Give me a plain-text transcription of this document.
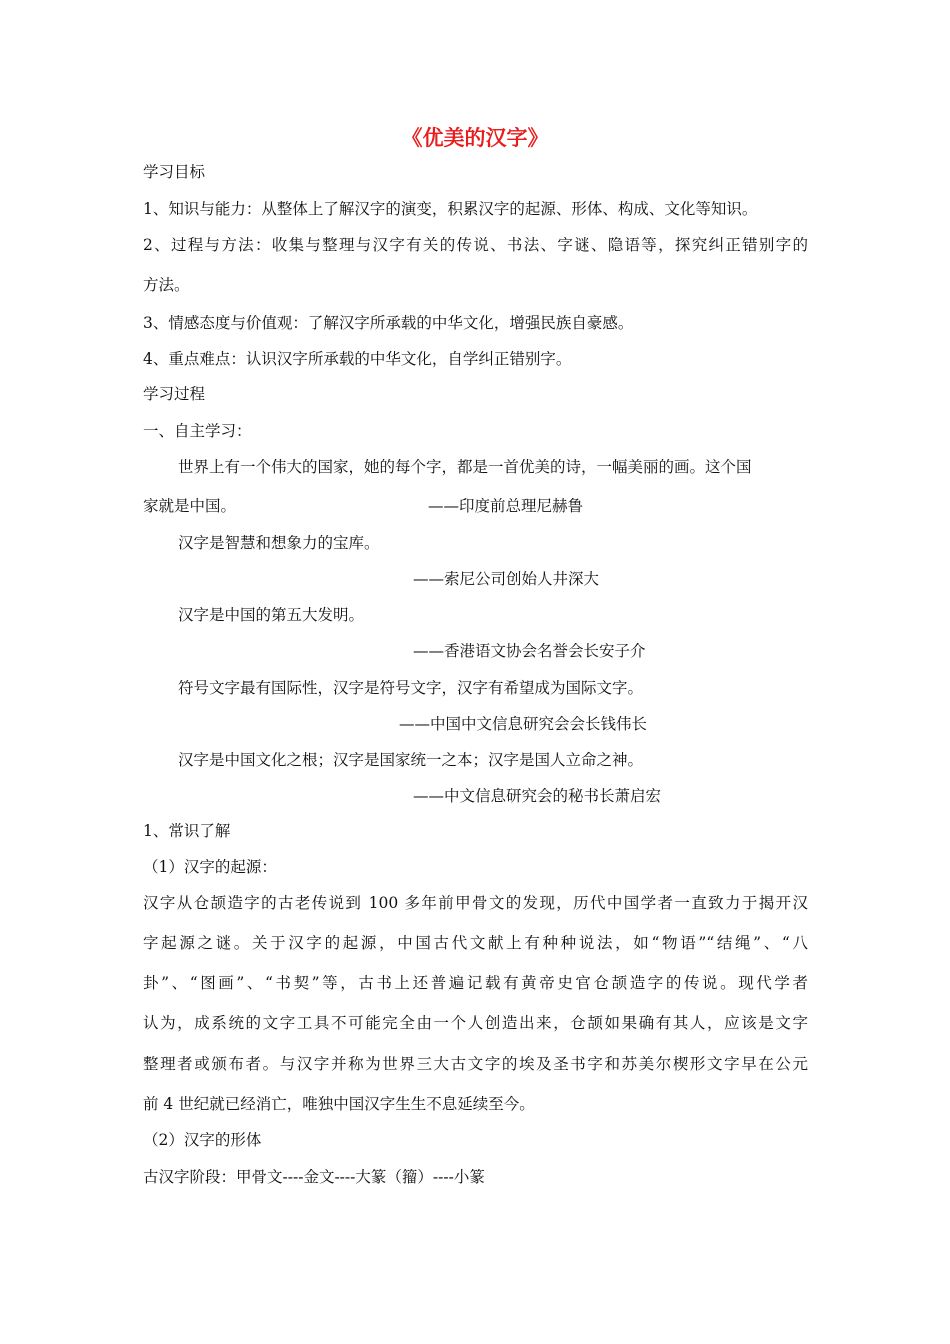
《优美的汉字》
学习目标
1、知识与能力：从整体上了解汉字的演变，积累汉字的起源、形体、构成、文化等知识。
2、过程与方法：收集与整理与汉字有关的传说、书法、字谜、隐语等，探究纠正错别字的
方法。
3、情感态度与价值观：了解汉字所承载的中华文化，增强民族自豪感。
4、重点难点：认识汉字所承载的中华文化，自学纠正错别字。
学习过程
一、自主学习：
世界上有一个伟大的国家，她的每个字，都是一首优美的诗，一幅美丽的画。这个国
家就是中国。	——印度前总理尼赫鲁
汉字是智慧和想象力的宝库。
——索尼公司创始人井深大
汉字是中国的第五大发明。
——香港语文协会名誉会长安子介
符号文字最有国际性，汉字是符号文字，汉字有希望成为国际文字。
——中国中文信息研究会会长钱伟长
汉字是中国文化之根；汉字是国家统一之本；汉字是国人立命之神。
——中文信息研究会的秘书长萧启宏
1、常识了解
（1）汉字的起源：
汉字从仓颉造字的古老传说到 100 多年前甲骨文的发现，历代中国学者一直致力于揭开汉
字起源之谜。关于汉字的起源，中国古代文献上有种种说法，如“物语”“结绳”、“八
卦”、“图画”、“书契”等，古书上还普遍记载有黄帝史官仓颉造字的传说。现代学者
认为，成系统的文字工具不可能完全由一个人创造出来，仓颉如果确有其人，应该是文字
整理者或颁布者。与汉字并称为世界三大古文字的埃及圣书字和苏美尔楔形文字早在公元
前 4 世纪就已经消亡，唯独中国汉字生生不息延续至今。
（2）汉字的形体
古汉字阶段：甲骨文----金文----大篆（籀）----小篆
